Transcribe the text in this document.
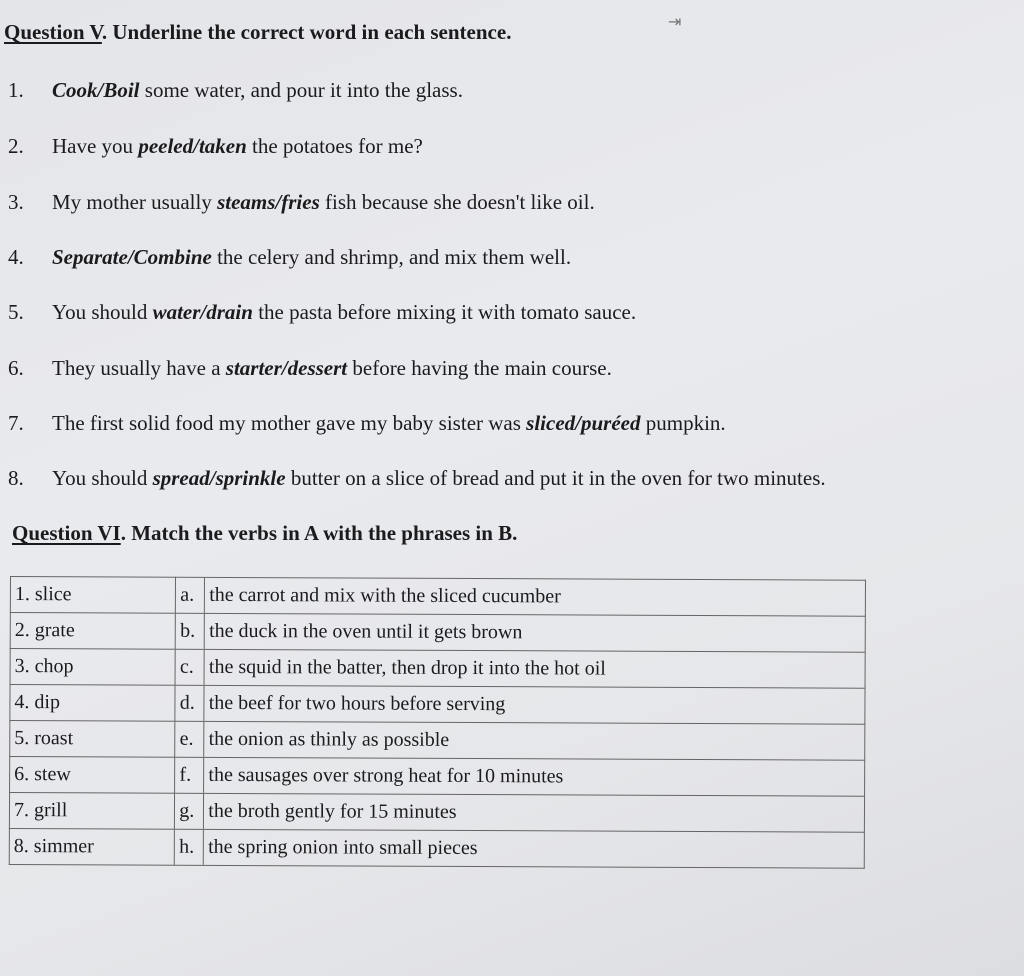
Question V. Underline the correct word in each sentence.	⇥
1. Cook/Boil some water, and pour it into the glass.
2. Have you peeled/taken the potatoes for me?
3. My mother usually steams/fries fish because she doesn't like oil.
4. Separate/Combine the celery and shrimp, and mix them well.
5. You should water/drain the pasta before mixing it with tomato sauce.
6. They usually have a starter/dessert before having the main course.
7. The first solid food my mother gave my baby sister was sliced/puréed pumpkin.
8. You should spread/sprinkle butter on a slice of bread and put it in the oven for two minutes.
Question VI. Match the verbs in A with the phrases in B.
1. slice	a. the carrot and mix with the sliced cucumber
2. grate	b. the duck in the oven until it gets brown
3. chop	c. the squid in the batter, then drop it into the hot oil
4. dip	d. the beef for two hours before serving
5. roast	e. the onion as thinly as possible
6. stew	f. the sausages over strong heat for 10 minutes
7. grill	g. the broth gently for 15 minutes
8. simmer	h. the spring onion into small pieces
